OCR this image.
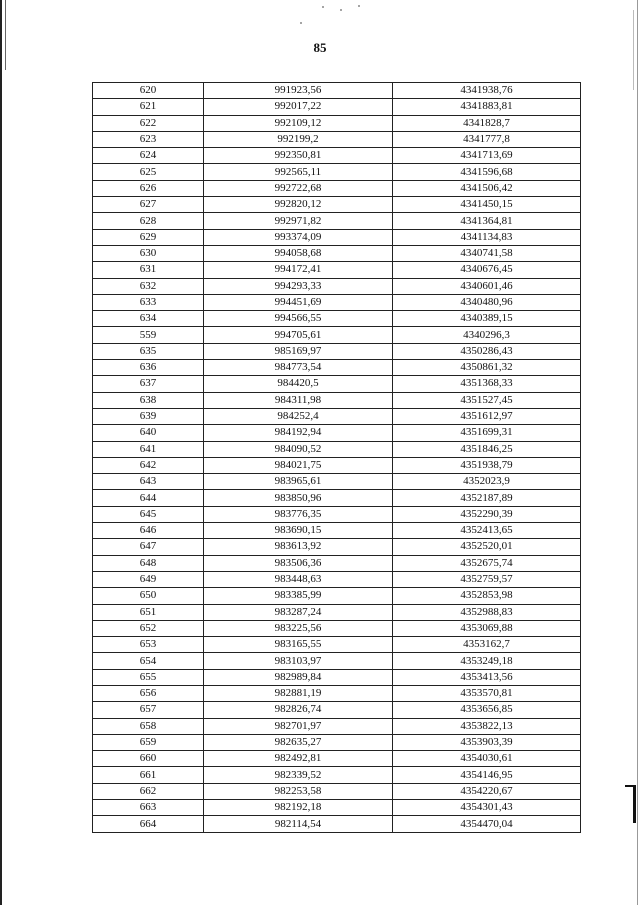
85
620	991923,56	4341938,76
621	992017,22	4341883,81
622	992109,12	4341828,7
623	992199,2	4341777,8
624	992350,81	4341713,69
625	992565,11	4341596,68
626	992722,68	4341506,42
627	992820,12	4341450,15
628	992971,82	4341364,81
629	993374,09	4341134,83
630	994058,68	4340741,58
631	994172,41	4340676,45
632	994293,33	4340601,46
633	994451,69	4340480,96
634	994566,55	4340389,15
559	994705,61	4340296,3
635	985169,97	4350286,43
636	984773,54	4350861,32
637	984420,5	4351368,33
638	984311,98	4351527,45
639	984252,4	4351612,97
640	984192,94	4351699,31
641	984090,52	4351846,25
642	984021,75	4351938,79
643	983965,61	4352023,9
644	983850,96	4352187,89
645	983776,35	4352290,39
646	983690,15	4352413,65
647	983613,92	4352520,01
648	983506,36	4352675,74
649	983448,63	4352759,57
650	983385,99	4352853,98
651	983287,24	4352988,83
652	983225,56	4353069,88
653	983165,55	4353162,7
654	983103,97	4353249,18
655	982989,84	4353413,56
656	982881,19	4353570,81
657	982826,74	4353656,85
658	982701,97	4353822,13
659	982635,27	4353903,39
660	982492,81	4354030,61
661	982339,52	4354146,95
662	982253,58	4354220,67
663	982192,18	4354301,43
664	982114,54	4354470,04
